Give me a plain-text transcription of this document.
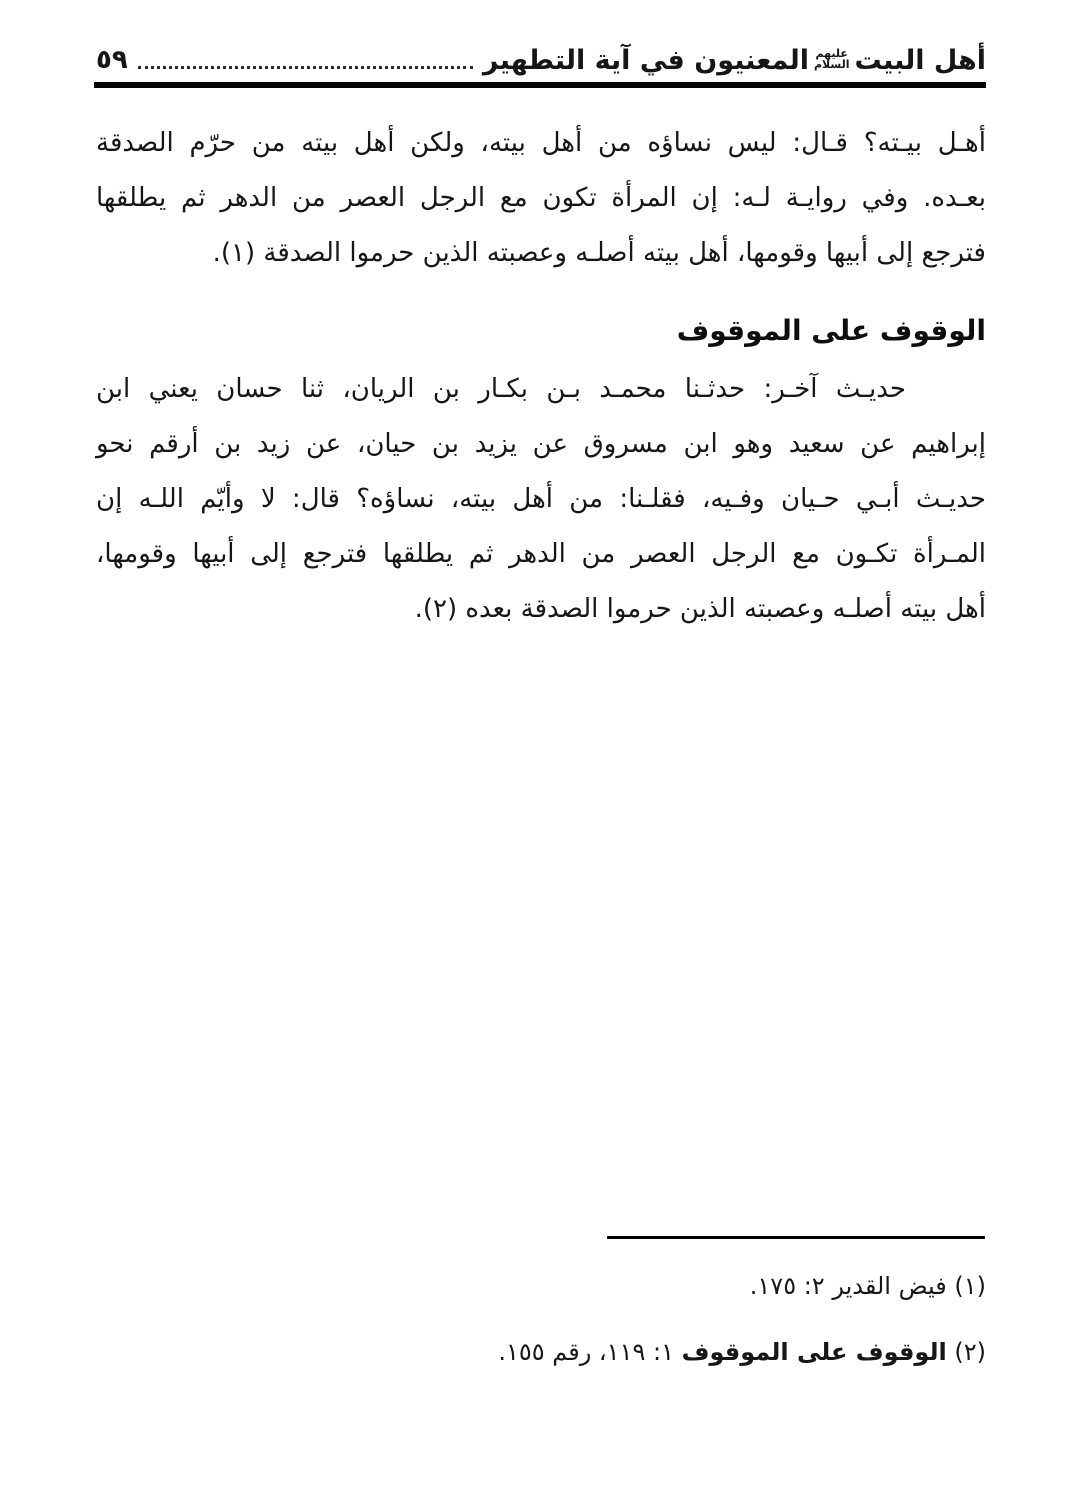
أهل البيت
عليهم
السلام
المعنيون في آية التطهير
٥٩
أهـل بيـته؟ قـال: ليس نساؤه من أهل بيته، ولكن أهل بيته من حرّم الصدقة
بعـده. وفي روايـة لـه: إن المرأة تكون مع الرجل العصر من الدهر ثم يطلقها
فترجع إلى أبيها وقومها، أهل بيته أصلـه وعصبته الذين حرموا الصدقة (١).
الوقوف على الموقوف
حديـث آخـر: حدثـنا محمـد بـن بكـار بن الريان، ثنا حسان يعني ابن
إبراهيم عن سعيد وهو ابن مسروق عن يزيد بن حيان، عن زيد بن أرقم نحو
حديـث أبـي حـيان وفـيه، فقلـنا: من أهل بيته، نساؤه؟ قال: لا وأيّم اللـه إن
المـرأة تكـون مع الرجل العصر من الدهر ثم يطلقها فترجع إلى أبيها وقومها،
أهل بيته أصلـه وعصبته الذين حرموا الصدقة بعده (٢).
(١) فيض القدير ٢: ١٧٥.
(٢) الوقوف على الموقوف ١: ١١٩، رقم ١٥٥.
